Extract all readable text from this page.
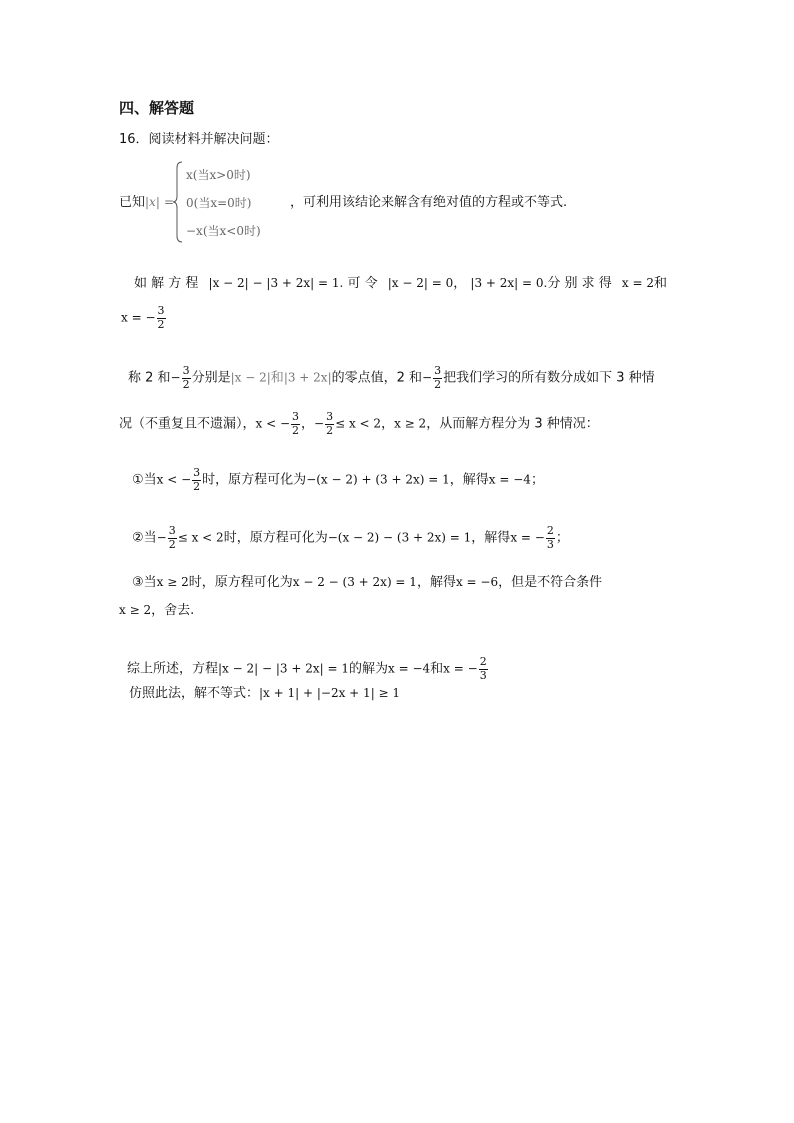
四、解答题
16．阅读材料并解决问题：
已知|x| =
x(当x>0时)
0(当x=0时)
−x(当x<0时)
，可利用该结论来解含有绝对值的方程或不等式.
如 解 方 程 |x − 2| − |3 + 2x| = 1. 可 令 |x − 2| = 0， |3 + 2x| = 0.分 别 求 得 x = 2和
x = − $\frac{3}{2}$
称 2 和− $\frac{3}{2}$ 分别是|x − 2|和|3 + 2x|的零点值，2 和− $\frac{3}{2}$ 把我们学习的所有数分成如下 3 种情
况（不重复且不遗漏），x < − $\frac{3}{2}$ ，− $\frac{3}{2} \le x < 2$，x ≥ 2，从而解方程分为 3 种情况：
①当x < − $\frac{3}{2}$ 时，原方程可化为−(x − 2) + (3 + 2x) = 1，解得x = −4；
②当− $\frac{3}{2} \le x < 2$时，原方程可化为−(x − 2) − (3 + 2x) = 1，解得x = − $\frac{2}{3}$ ；
③当x ≥ 2时，原方程可化为x − 2 − (3 + 2x) = 1，解得x = −6，但是不符合条件
x ≥ 2，舍去.
综上所述，方程|x − 2| − |3 + 2x| = 1的解为x = −4和x = − $\frac{2}{3}$
仿照此法，解不等式：|x + 1| + |−2x + 1| ≥ 1
